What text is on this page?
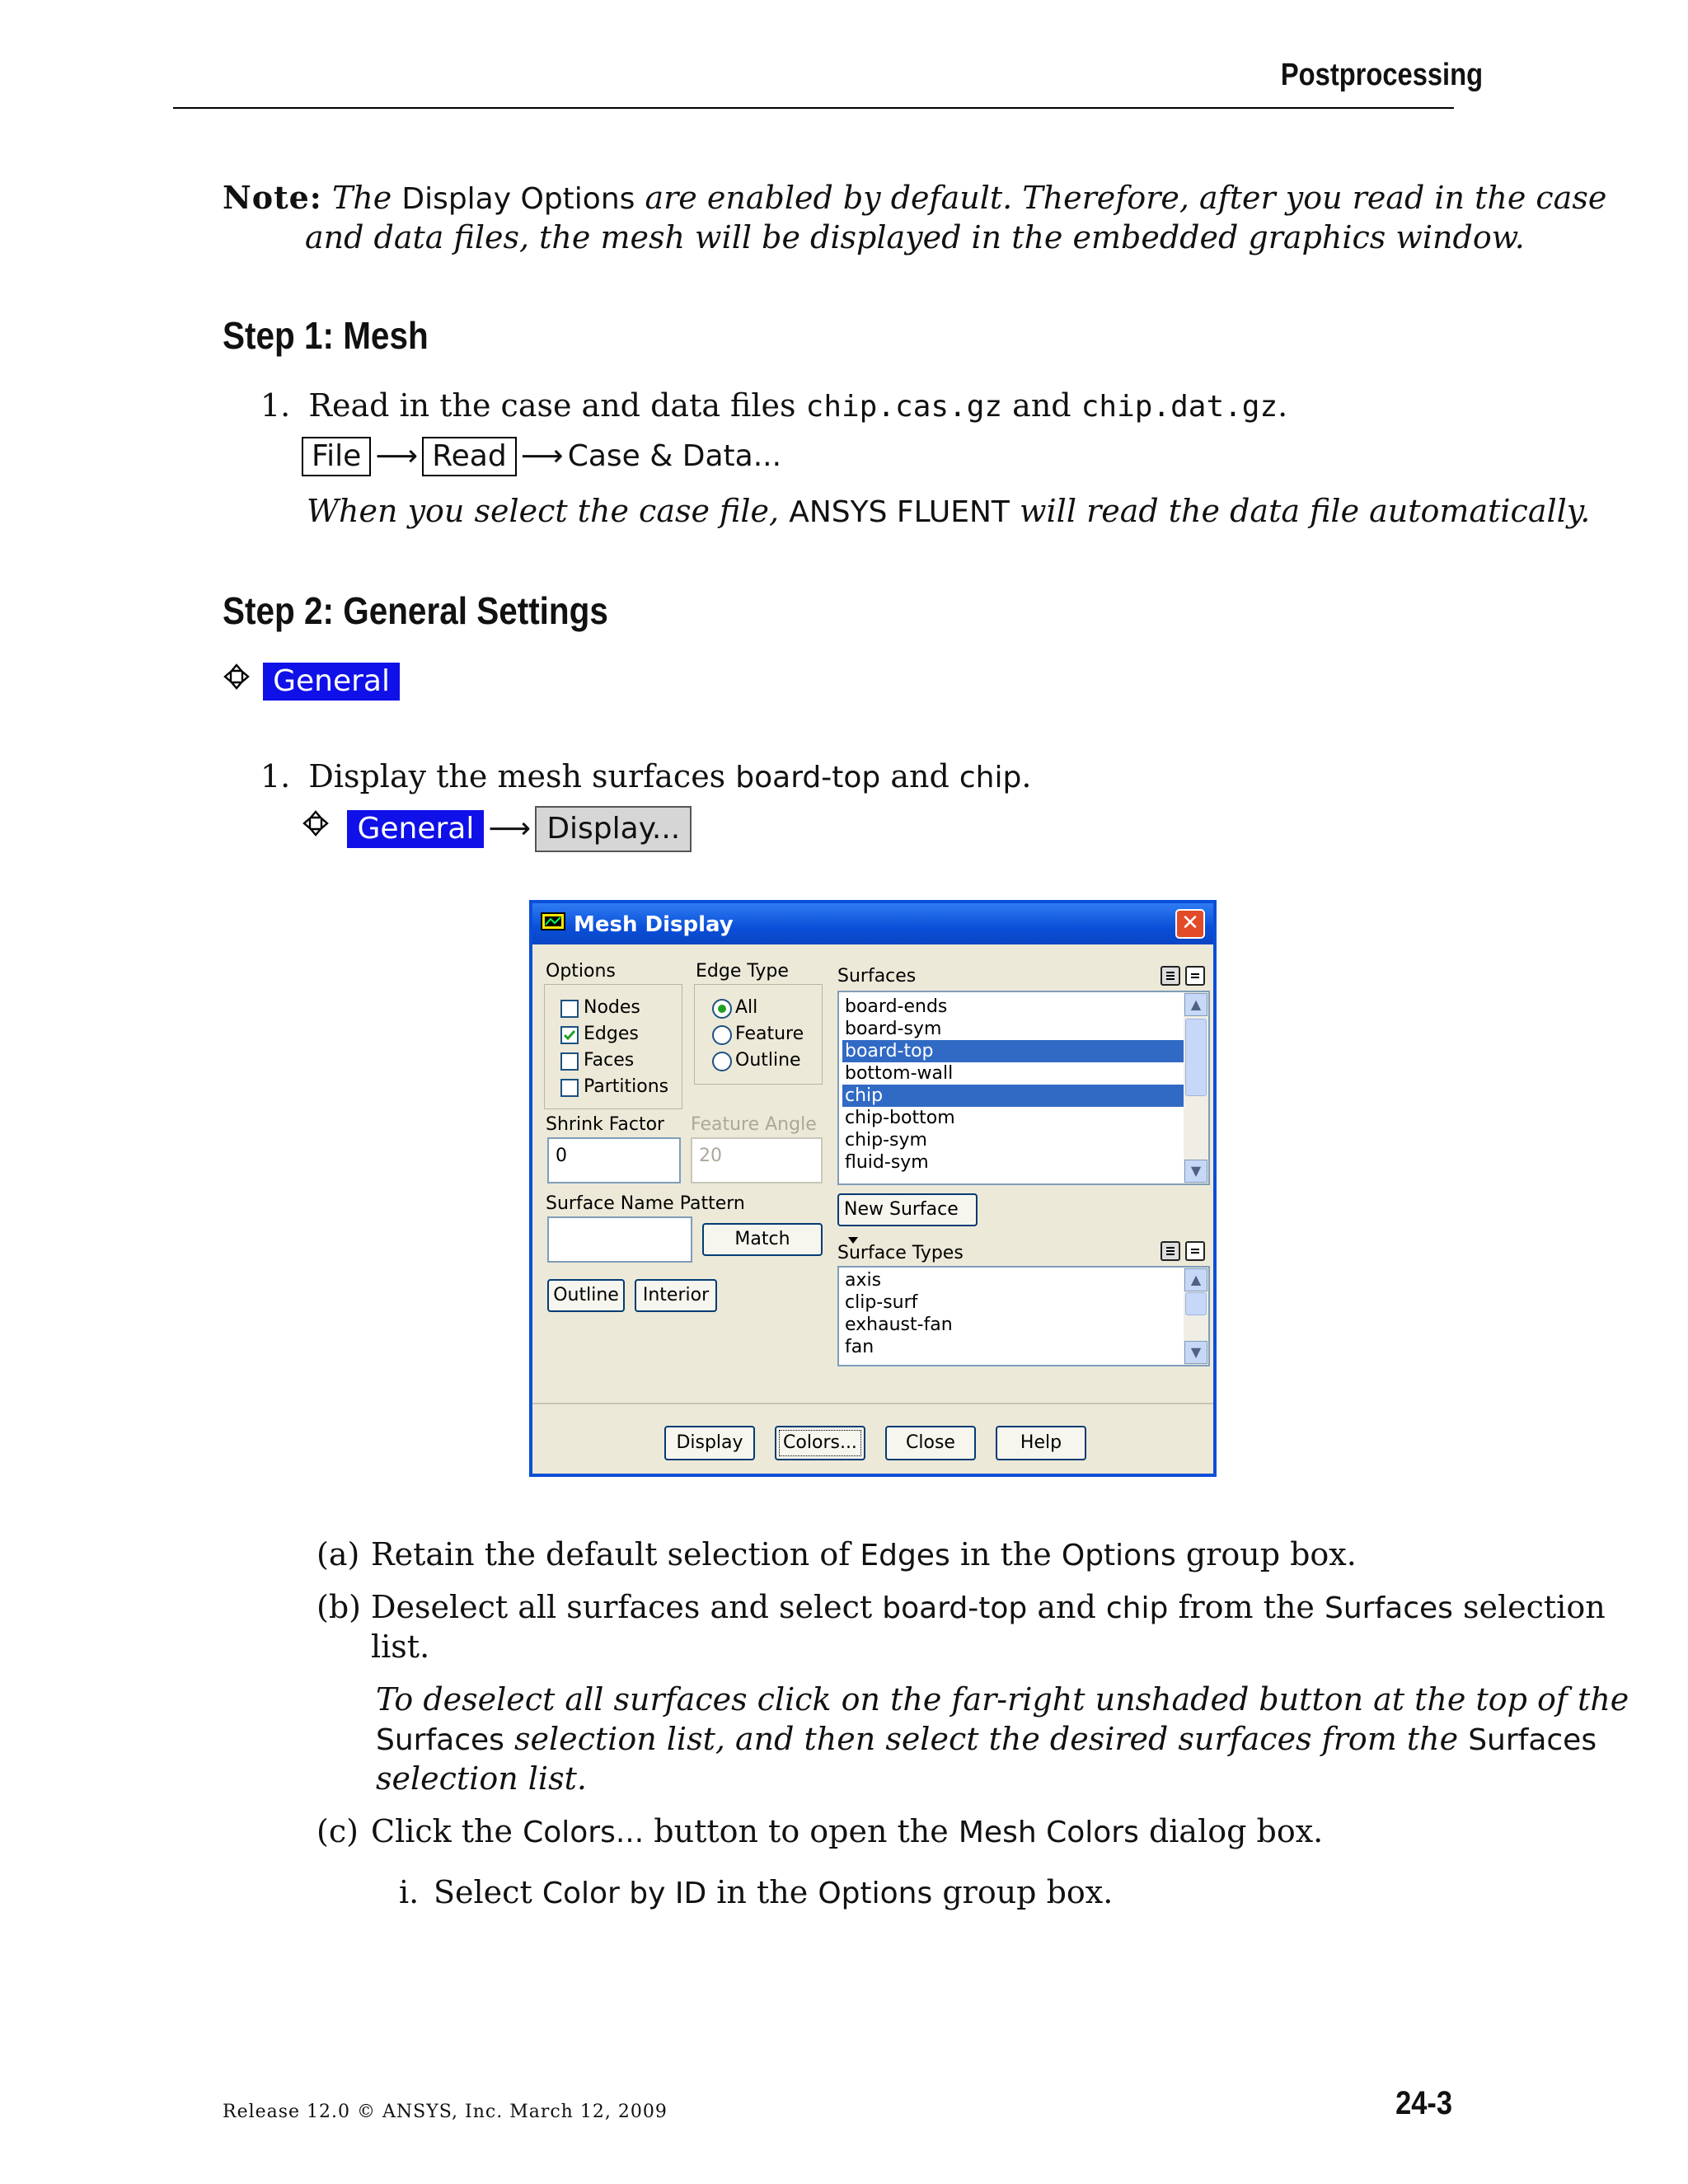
Postprocessing
Note: The Display Options are enabled by default. Therefore, after you read in the case
and data files, the mesh will be displayed in the embedded graphics window.
Step 1: Mesh
1. Read in the case and data files chip.cas.gz and chip.dat.gz.
File ⟶ Read ⟶ Case & Data...
When you select the case file, ANSYS FLUENT will read the data file automatically.
Step 2: General Settings
General
1. Display the mesh surfaces board-top and chip.
General ⟶ Display...
Mesh Display	✕
Options
Nodes
Edges
Faces
Partitions
Edge Type
All
Feature
Outline
Shrink Factor
0
Feature Angle
20
Surface Name Pattern
Match
Outline	Interior
Surfaces
board-ends
board-sym
board-top
bottom-wall
chip
chip-bottom
chip-sym
fluid-sym
▲
▼
New Surface
Surface Types
axis
clip-surf
exhaust-fan
fan
▲
▼
Display	Colors...	Close	Help
(a) Retain the default selection of Edges in the Options group box.
(b) Deselect all surfaces and select board-top and chip from the Surfaces selection
list.
To deselect all surfaces click on the far-right unshaded button at the top of the
Surfaces selection list, and then select the desired surfaces from the Surfaces
selection list.
(c) Click the Colors... button to open the Mesh Colors dialog box.
i. Select Color by ID in the Options group box.
Release 12.0 © ANSYS, Inc. March 12, 2009	24-3
